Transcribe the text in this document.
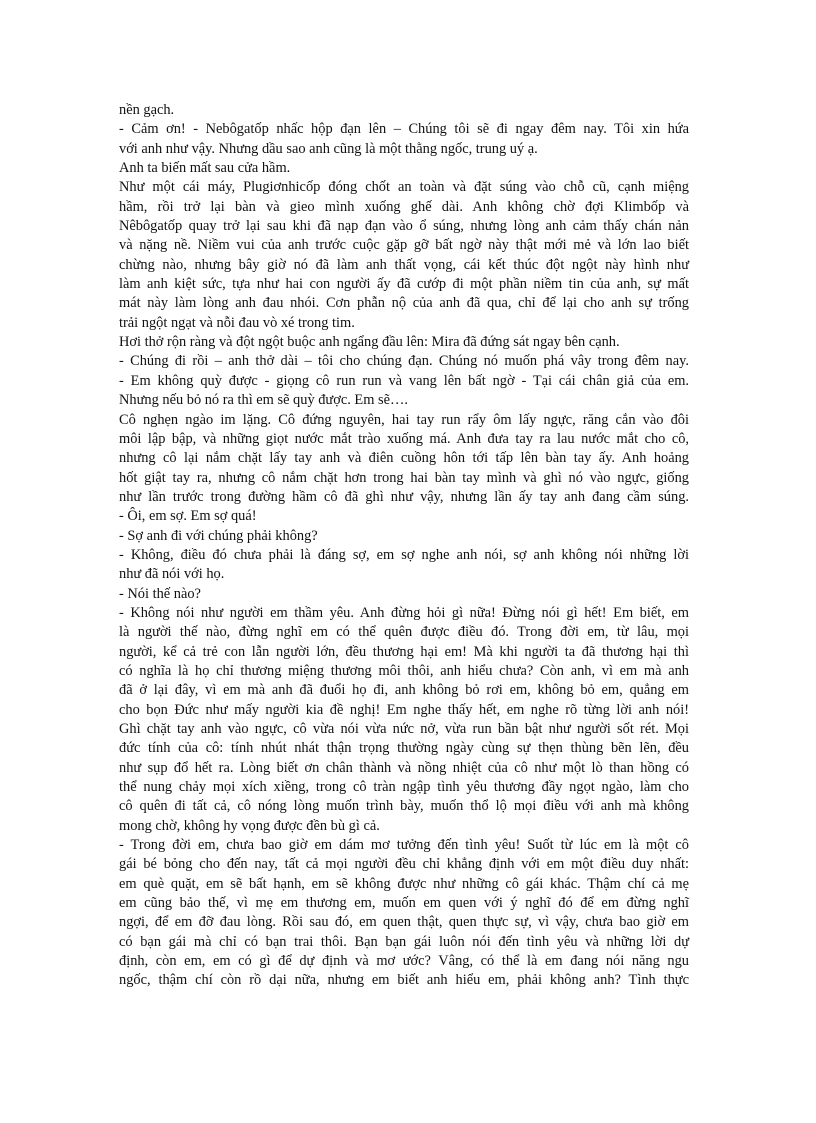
nền gạch.
- Cảm ơn! - Nebôgatốp nhấc hộp đạn lên – Chúng tôi sẽ đi ngay đêm nay. Tôi xin hứa
với anh như vậy. Nhưng dầu sao anh cũng là một thằng ngốc, trung uý ạ.
Anh ta biến mất sau cửa hầm.
Như một cái máy, Plugiơnhicốp đóng chốt an toàn và đặt súng vào chỗ cũ, cạnh miệng
hầm, rồi trở lại bàn và gieo mình xuống ghế dài. Anh không chờ đợi Klimbốp và
Nêbôgatốp quay trở lại sau khi đã nạp đạn vào ổ súng, nhưng lòng anh cảm thấy chán nản
và nặng nề. Niềm vui của anh trước cuộc gặp gỡ bất ngờ này thật mới mẻ và lớn lao biết
chừng nào, nhưng bây giờ nó đã làm anh thất vọng, cái kết thúc đột ngột này hình như
làm anh kiệt sức, tựa như hai con người ấy đã cướp đi một phần niềm tin của anh, sự mất
mát này làm lòng anh đau nhói. Cơn phẫn nộ của anh đã qua, chỉ để lại cho anh sự trống
trải ngột ngạt và nỗi đau vò xé trong tim.
Hơi thở rộn ràng và đột ngột buộc anh ngẩng đầu lên: Mira đã đứng sát ngay bên cạnh.
- Chúng đi rồi – anh thở dài – tôi cho chúng đạn. Chúng nó muốn phá vây trong đêm nay.
- Em không quỳ được - giọng cô run run và vang lên bất ngờ - Tại cái chân giả của em.
Nhưng nếu bỏ nó ra thì em sẽ quỳ được. Em sẽ….
Cô nghẹn ngào im lặng. Cô đứng nguyên, hai tay run rẩy ôm lấy ngực, răng cắn vào đôi
môi lập bập, và những giọt nước mắt trào xuống má. Anh đưa tay ra lau nước mắt cho cô,
nhưng cô lại nắm chặt lấy tay anh và điên cuồng hôn tới tấp lên bàn tay ấy. Anh hoảng
hốt giật tay ra, nhưng cô nắm chặt hơn trong hai bàn tay mình và ghì nó vào ngực, giống
như lần trước trong đường hầm cô đã ghì như vậy, nhưng lần ấy tay anh đang cầm súng.
- Ôi, em sợ. Em sợ quá!
- Sợ anh đi với chúng phải không?
- Không, điều đó chưa phải là đáng sợ, em sợ nghe anh nói, sợ anh không nói những lời
như đã nói với họ.
- Nói thế nào?
- Không nói như người em thầm yêu. Anh đừng hỏi gì nữa! Đừng nói gì hết! Em biết, em
là người thế nào, đừng nghĩ em có thể quên được điều đó. Trong đời em, từ lâu, mọi
người, kể cả trẻ con lẫn người lớn, đều thương hại em! Mà khi người ta đã thương hại thì
có nghĩa là họ chỉ thương miệng thương môi thôi, anh hiểu chưa? Còn anh, vì em mà anh
đã ở lại đây, vì em mà anh đã đuổi họ đi, anh không bỏ rơi em, không bỏ em, quẳng em
cho bọn Đức như mấy người kia đề nghị! Em nghe thấy hết, em nghe rõ từng lời anh nói!
Ghì chặt tay anh vào ngực, cô vừa nói vừa nức nở, vừa run bần bật như người sốt rét. Mọi
đức tính của cô: tính nhút nhát thận trọng thường ngày cùng sự thẹn thùng bẽn lẽn, đều
như sụp đổ hết ra. Lòng biết ơn chân thành và nồng nhiệt của cô như một lò than hồng có
thể nung chảy mọi xích xiềng, trong cô tràn ngập tình yêu thương đầy ngọt ngào, làm cho
cô quên đi tất cả, cô nóng lòng muốn trình bày, muốn thổ lộ mọi điều với anh mà không
mong chờ, không hy vọng được đền bù gì cả.
- Trong đời em, chưa bao giờ em dám mơ tưởng đến tình yêu! Suốt từ lúc em là một cô
gái bé bỏng cho đến nay, tất cả mọi người đều chỉ khẳng định với em một điều duy nhất:
em què quặt, em sẽ bất hạnh, em sẽ không được như những cô gái khác. Thậm chí cả mẹ
em cũng bảo thế, vì mẹ em thương em, muốn em quen với ý nghĩ đó để em đừng nghĩ
ngợi, để em đỡ đau lòng. Rồi sau đó, em quen thật, quen thực sự, vì vậy, chưa bao giờ em
có bạn gái mà chỉ có bạn trai thôi. Bạn bạn gái luôn nói đến tình yêu và những lời dự
định, còn em, em có gì để dự định và mơ ước? Vâng, có thể là em đang nói năng ngu
ngốc, thậm chí còn rồ dại nữa, nhưng em biết anh hiểu em, phải không anh? Tình thực
